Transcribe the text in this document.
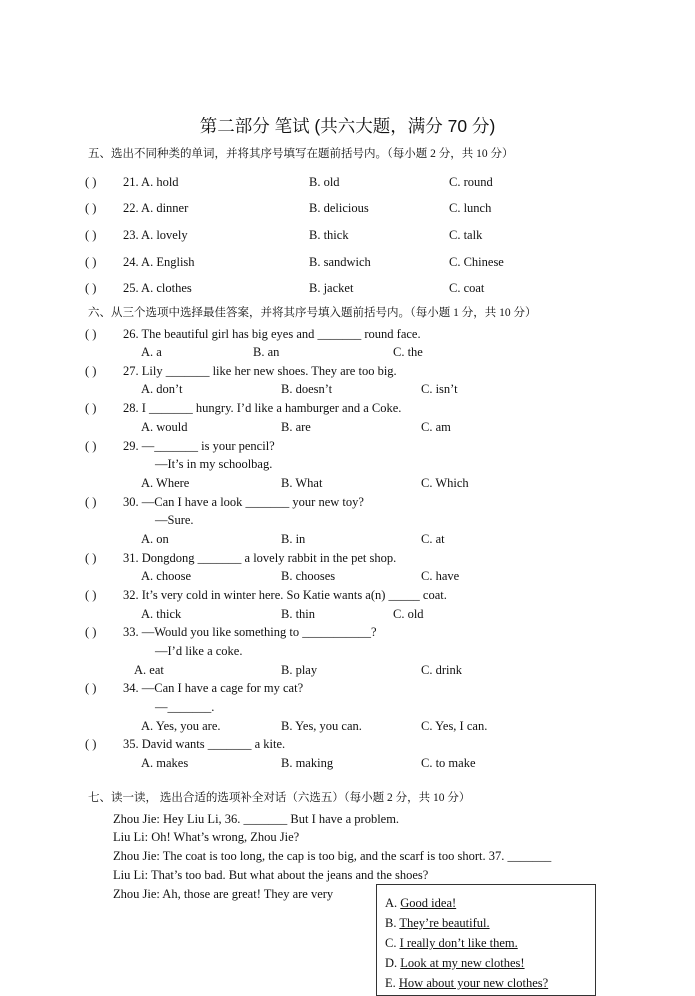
第二部分 笔试 (共六大题，满分 70 分)
五、选出不同种类的单词，并将其序号填写在题前括号内。（每小题 2 分，共 10 分）
( ) 21. A. hold	B. old	C. round
( ) 22. A. dinner	B. delicious	C. lunch
( ) 23. A. lovely	B. thick	C. talk
( ) 24. A. English	B. sandwich	C. Chinese
( ) 25. A. clothes	B. jacket	C. coat
六、从三个选项中选择最佳答案，并将其序号填入题前括号内。（每小题 1 分，共 10 分）
( ) 26. The beautiful girl has big eyes and _______ round face.
A. a	B. an	C. the
( ) 27. Lily _______ like her new shoes. They are too big.
A. don’t	B. doesn’t	C. isn’t
( ) 28. I _______ hungry. I’d like a hamburger and a Coke.
A. would	B. are	C. am
( ) 29. —_______ is your pencil?
—It’s in my schoolbag.
A. Where	B. What	C. Which
( ) 30. —Can I have a look _______ your new toy?
—Sure.
A. on	B. in	C. at
( ) 31. Dongdong _______ a lovely rabbit in the pet shop.
A. choose	B. chooses	C. have
( ) 32. It’s very cold in winter here. So Katie wants a(n) _____ coat.
A. thick	B. thin	C. old
( ) 33. —Would you like something to ___________?
—I’d like a coke.
A. eat	B. play	C. drink
( ) 34. —Can I have a cage for my cat?
—_______.
A. Yes, you are.	B. Yes, you can.	C. Yes, I can.
( ) 35. David wants _______ a kite.
A. makes	B. making	C. to make
七、读一读， 选出合适的选项补全对话（六选五）（每小题 2 分，共 10 分）
Zhou Jie: Hey Liu Li, 36. _______ But I have a problem.
Liu Li: Oh! What’s wrong, Zhou Jie?
Zhou Jie: The coat is too long, the cap is too big, and the scarf is too short. 37. _______
Liu Li: That’s too bad. But what about the jeans and the shoes?
Zhou Jie: Ah, those are great! They are very
A. Good idea!
B. They’re beautiful.
C. I really don’t like them.
D. Look at my new clothes!
E. How about your new clothes?
